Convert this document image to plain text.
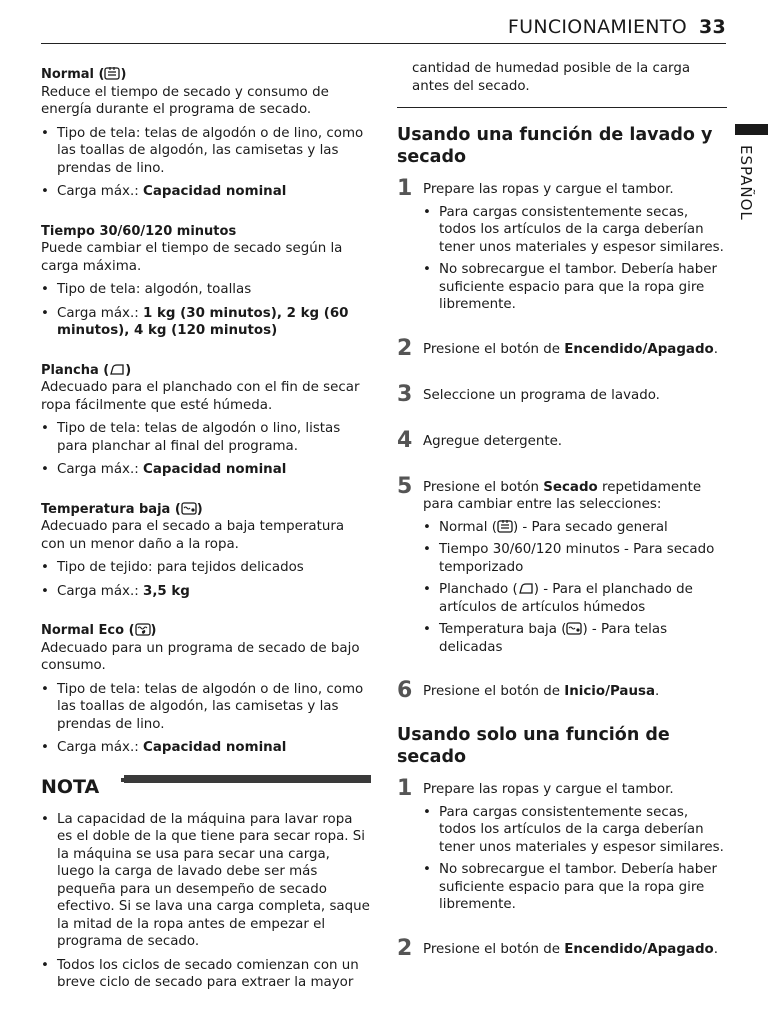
FUNCIONAMIENTO 33
ESPAÑOL
Normal ( )

Reduce el tiempo de secado y consumo de energía durante el programa de secado.

• Tipo de tela: telas de algodón o de lino, como las toallas de algodón, las camisetas y las prendas de lino.
• Carga máx.: Capacidad nominal
Tiempo 30/60/120 minutos

Puede cambiar el tiempo de secado según la carga máxima.

• Tipo de tela: algodón, toallas
• Carga máx.: 1 kg (30 minutos), 2 kg (60 minutos), 4 kg (120 minutos)
Plancha ( )

Adecuado para el planchado con el fin de secar ropa fácilmente que esté húmeda.

• Tipo de tela: telas de algodón o lino, listas para planchar al final del programa.
• Carga máx.: Capacidad nominal
Temperatura baja ( )

Adecuado para el secado a baja temperatura con un menor daño a la ropa.

• Tipo de tejido: para tejidos delicados
• Carga máx.: 3,5 kg
Normal Eco ( )

Adecuado para un programa de secado de bajo consumo.

• Tipo de tela: telas de algodón o de lino, como las toallas de algodón, las camisetas y las prendas de lino.
• Carga máx.: Capacidad nominal
NOTA
• La capacidad de la máquina para lavar ropa es el doble de la que tiene para secar ropa. Si la máquina se usa para secar una carga, luego la carga de lavado debe ser más pequeña para un desempeño de secado efectivo. Si se lava una carga completa, saque la mitad de la ropa antes de empezar el programa de secado.
• Todos los ciclos de secado comienzan con un breve ciclo de secado para extraer la mayor
cantidad de humedad posible de la carga antes del secado.
Usando una función de lavado y secado
1 Prepare las ropas y cargue el tambor.
• Para cargas consistentemente secas, todos los artículos de la carga deberían tener unos materiales y espesor similares.
• No sobrecargue el tambor. Debería haber suficiente espacio para que la ropa gire libremente.
2 Presione el botón de Encendido/Apagado.
3 Seleccione un programa de lavado.
4 Agregue detergente.
5 Presione el botón Secado repetidamente para cambiar entre las selecciones:
• Normal ( ) - Para secado general
• Tiempo 30/60/120 minutos - Para secado temporizado
• Planchado ( ) - Para el planchado de artículos de artículos húmedos
• Temperatura baja ( ) - Para telas delicadas
6 Presione el botón de Inicio/Pausa.
Usando solo una función de secado
1 Prepare las ropas y cargue el tambor.
• Para cargas consistentemente secas, todos los artículos de la carga deberían tener unos materiales y espesor similares.
• No sobrecargue el tambor. Debería haber suficiente espacio para que la ropa gire libremente.
2 Presione el botón de Encendido/Apagado.
